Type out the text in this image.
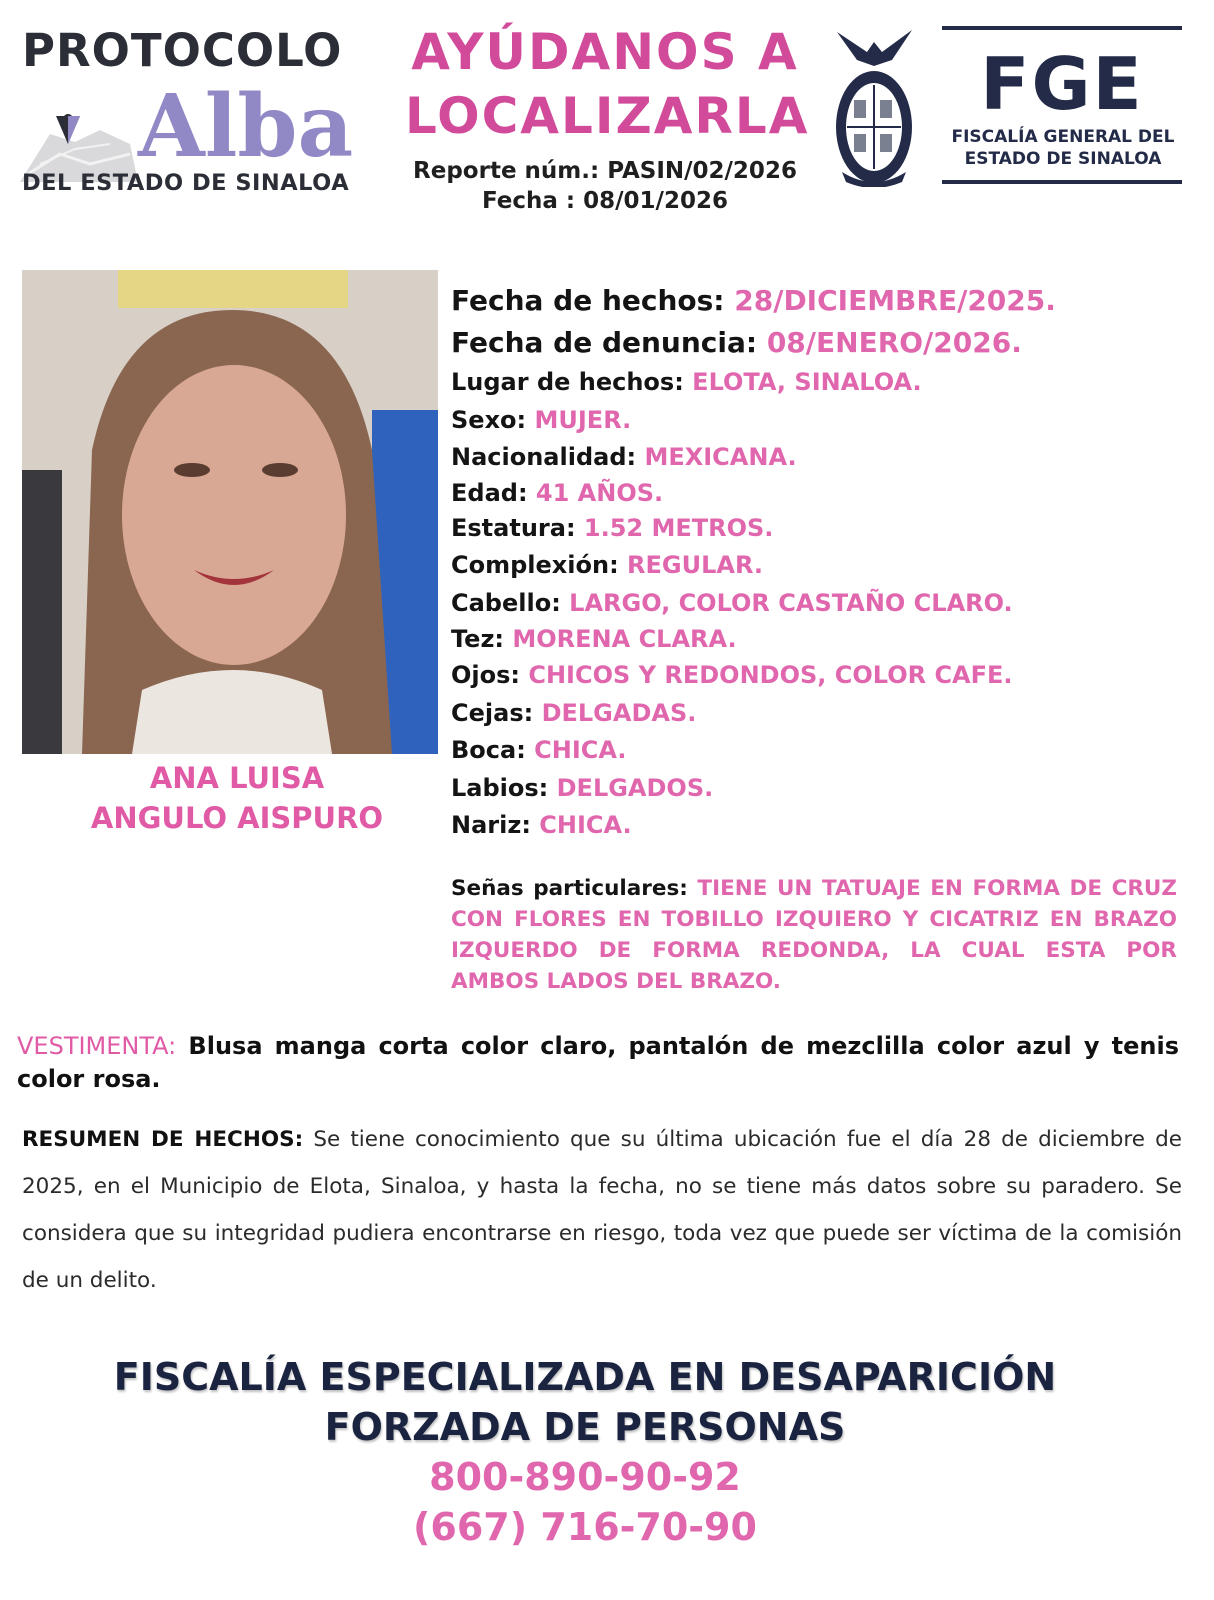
PROTOCOLO
Alba
DEL ESTADO DE SINALOA
AYÚDANOS A
LOCALIZARLA
Reporte núm.: PASIN/02/2026
Fecha : 08/01/2026
FGE
FISCALÍA GENERAL DEL
ESTADO DE SINALOA
ANA LUISA
ANGULO AISPURO
Fecha de hechos: 28/DICIEMBRE/2025.
Fecha de denuncia: 08/ENERO/2026.
Lugar de hechos: ELOTA, SINALOA.
Sexo: MUJER.
Nacionalidad: MEXICANA.
Edad: 41 AÑOS.
Estatura: 1.52 METROS.
Complexión: REGULAR.
Cabello: LARGO, COLOR CASTAÑO CLARO.
Tez: MORENA CLARA.
Ojos: CHICOS Y REDONDOS, COLOR CAFE.
Cejas: DELGADAS.
Boca: CHICA.
Labios: DELGADOS.
Nariz: CHICA.
Señas particulares: TIENE UN TATUAJE EN FORMA DE CRUZ CON FLORES EN TOBILLO IZQUIERO Y CICATRIZ EN BRAZO IZQUERDO DE FORMA REDONDA, LA CUAL ESTA POR AMBOS LADOS DEL BRAZO.
VESTIMENTA: Blusa manga corta color claro, pantalón de mezclilla color azul y tenis color rosa.
RESUMEN DE HECHOS: Se tiene conocimiento que su última ubicación fue el día 28 de diciembre de 2025, en el Municipio de Elota, Sinaloa, y hasta la fecha, no se tiene más datos sobre su paradero. Se considera que su integridad pudiera encontrarse en riesgo, toda vez que puede ser víctima de la comisión de un delito.
FISCALÍA ESPECIALIZADA EN DESAPARICIÓN
FORZADA DE PERSONAS
800-890-90-92
(667) 716-70-90
